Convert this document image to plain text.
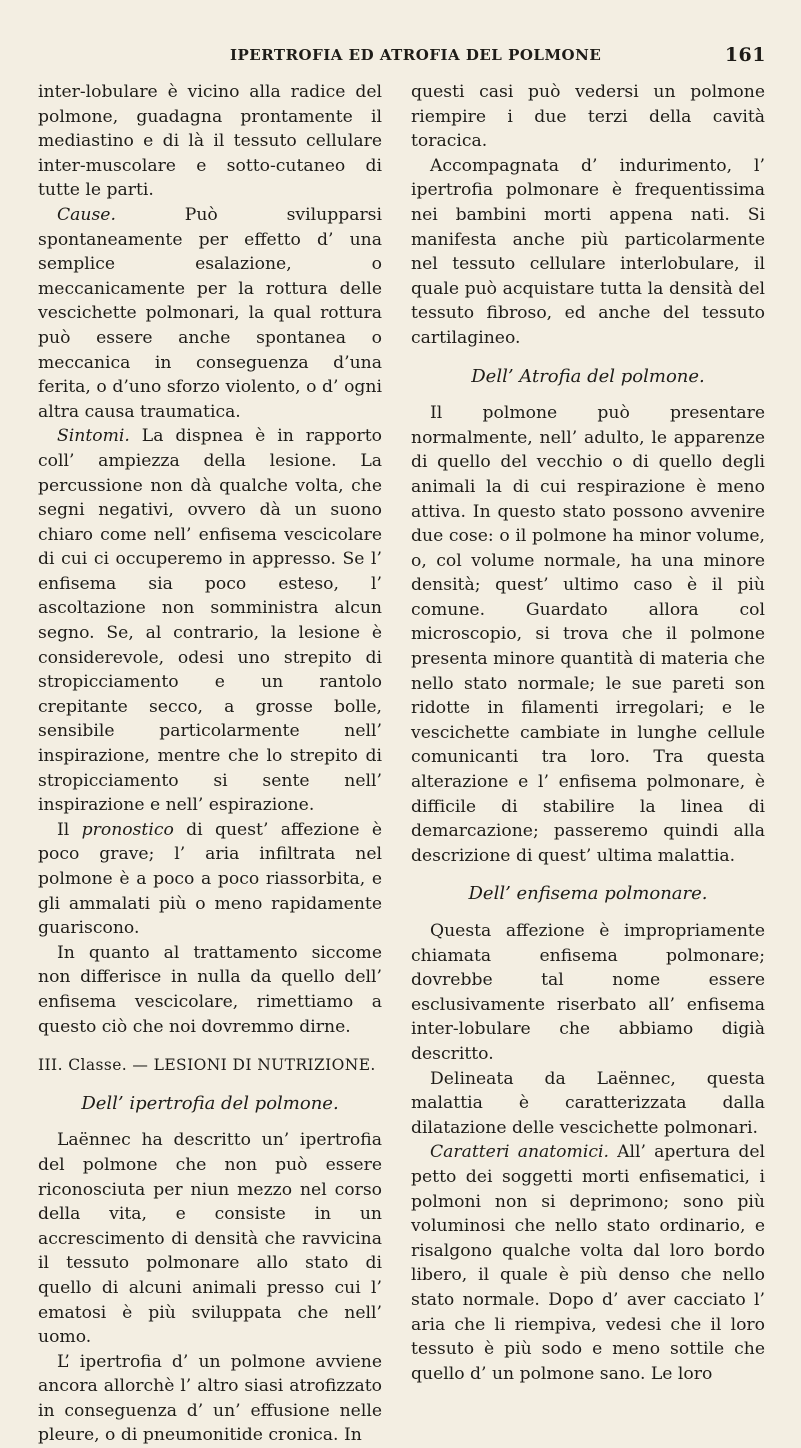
IPERTROFIA ED ATROFIA DEL POLMONE	161

inter-lobulare è vicino alla radice del polmone, guadagna prontamente il mediastino e di là il tessuto cellulare inter-muscolare e sotto-cutaneo di tutte le parti.

Cause. Può svilupparsi spontaneamente per effetto d’ una semplice esalazione, o meccanicamente per la rottura delle vescichette polmonari, la qual rottura può essere anche spontanea o meccanica in conseguenza d’una ferita, o d’uno sforzo violento, o d’ ogni altra causa traumatica.

Sintomi. La dispnea è in rapporto coll’ ampiezza della lesione. La percussione non dà qualche volta, che segni negativi, ovvero dà un suono chiaro come nell’ enfisema vescicolare di cui ci occuperemo in appresso. Se l’ enfisema sia poco esteso, l’ ascoltazione non somministra alcun segno. Se, al contrario, la lesione è considerevole, odesi uno strepito di stropicciamento e un rantolo crepitante secco, a grosse bolle, sensibile particolarmente nell’ inspirazione, mentre che lo strepito di stropicciamento si sente nell’ inspirazione e nell’ espirazione.

Il pronostico di quest’ affezione è poco grave; l’ aria infiltrata nel polmone è a poco a poco riassorbita, e gli ammalati più o meno rapidamente guariscono.

In quanto al trattamento siccome non differisce in nulla da quello dell’ enfisema vescicolare, rimettiamo a questo ciò che noi dovremmo dirne.

III. Classe. — LESIONI DI NUTRIZIONE.

Dell’ ipertrofia del polmone.

Laënnec ha descritto un’ ipertrofia del polmone che non può essere riconosciuta per niun mezzo nel corso della vita, e consiste in un accrescimento di densità che ravvicina il tessuto polmonare allo stato di quello di alcuni animali presso cui l’ ematosi è più sviluppata che nell’ uomo.

L’ ipertrofia d’ un polmone avviene ancora allorchè l’ altro siasi atrofizzato in conseguenza d’ un’ effusione nelle pleure, o di pneumonitide cronica. In

questi casi può vedersi un polmone riempire i due terzi della cavità toracica.

Accompagnata d’ indurimento, l’ ipertrofia polmonare è frequentissima nei bambini morti appena nati. Si manifesta anche più particolarmente nel tessuto cellulare interlobulare, il quale può acquistare tutta la densità del tessuto fibroso, ed anche del tessuto cartilagineo.

Dell’ Atrofia del polmone.

Il polmone può presentare normalmente, nell’ adulto, le apparenze di quello del vecchio o di quello degli animali la di cui respirazione è meno attiva. In questo stato possono avvenire due cose: o il polmone ha minor volume, o, col volume normale, ha una minore densità; quest’ ultimo caso è il più comune. Guardato allora col microscopio, si trova che il polmone presenta minore quantità di materia che nello stato normale; le sue pareti son ridotte in filamenti irregolari; e le vescichette cambiate in lunghe cellule comunicanti tra loro. Tra questa alterazione e l’ enfisema polmonare, è difficile di stabilire la linea di demarcazione; passeremo quindi alla descrizione di quest’ ultima malattia.

Dell’ enfisema polmonare.

Questa affezione è impropriamente chiamata enfisema polmonare; dovrebbe tal nome essere esclusivamente riserbato all’ enfisema inter-lobulare che abbiamo digià descritto.

Delineata da Laënnec, questa malattia è caratterizzata dalla dilatazione delle vescichette polmonari.

Caratteri anatomici. All’ apertura del petto dei soggetti morti enfisematici, i polmoni non si deprimono; sono più voluminosi che nello stato ordinario, e risalgono qualche volta dal loro bordo libero, il quale è più denso che nello stato normale. Dopo d’ aver cacciato l’ aria che li riempiva, vedesi che il loro tessuto è più sodo e meno sottile che quello d’ un polmone sano. Le loro
